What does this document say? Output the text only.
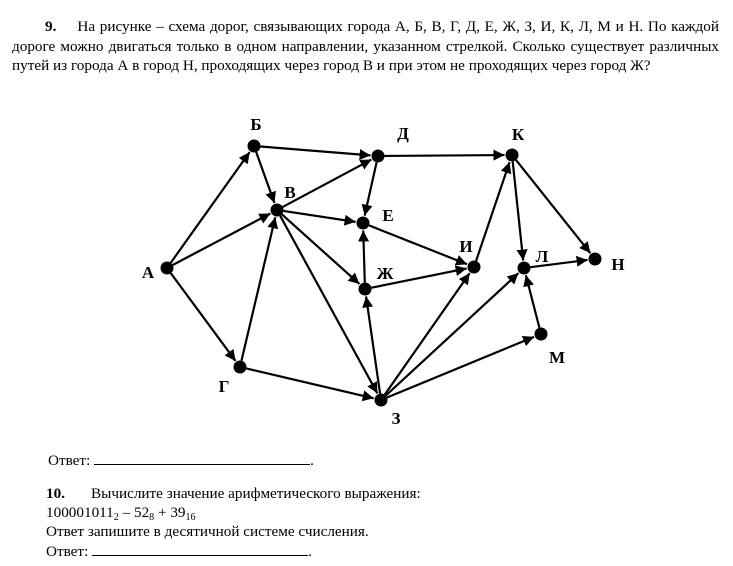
9. На рисунке – схема дорог, связывающих города А, Б, В, Г, Д, Е, Ж, З, И, К, Л, М и Н. По каждой дороге можно двигаться только в одном направлении, указанном стрелкой. Сколько существует различных путей из города А в город Н, проходящих через город В и при этом не проходящих через город Ж?
А
Б
В
Г
Д
Е
Ж
З
И
К
Л
М
Н
Ответ:	.
10. Вычислите значение арифметического выражения:
$100001011_2 - 52_8 + 39_{16}$
Ответ запишите в десятичной системе счисления.
Ответ:	.
